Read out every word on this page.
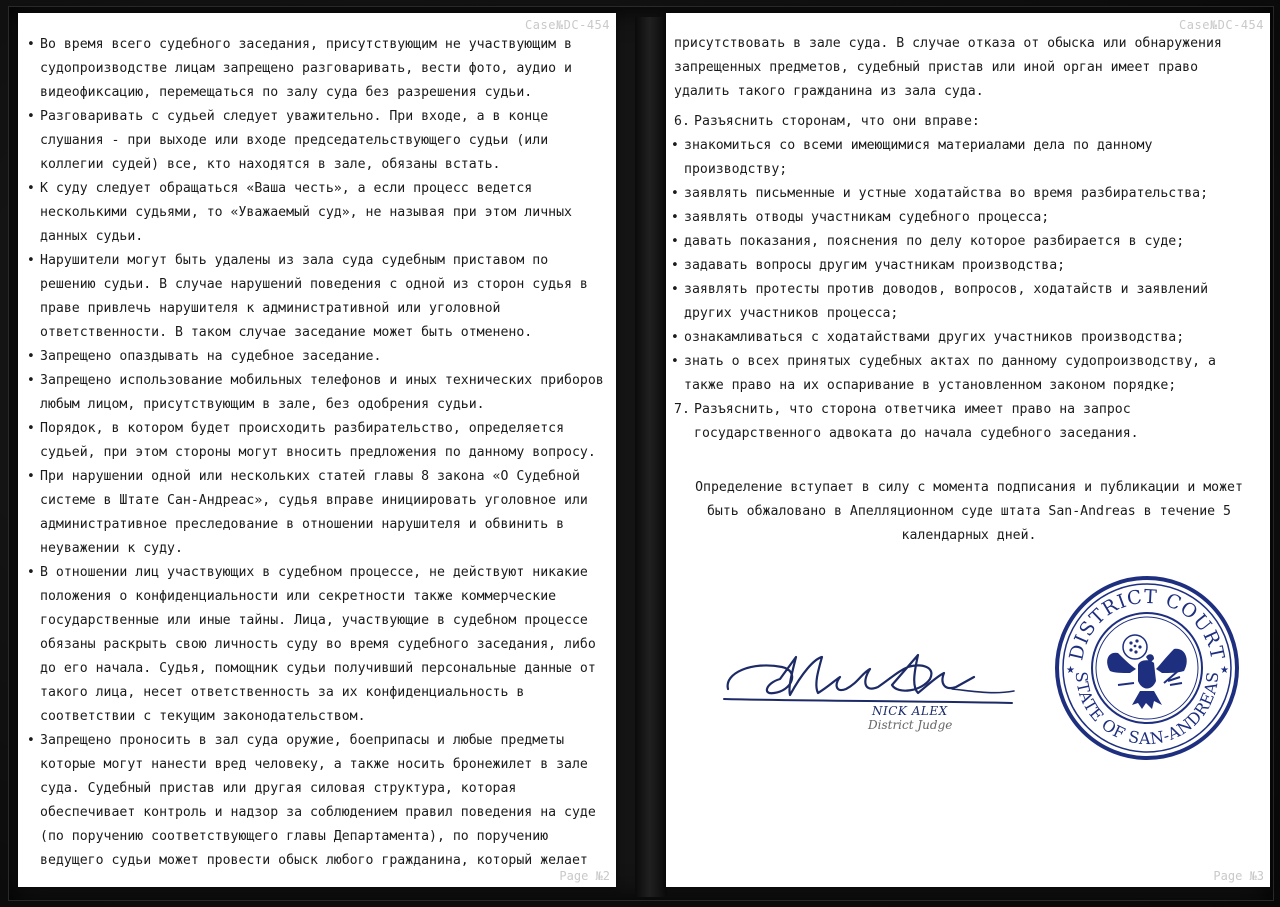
Case№DC-454
• Во время всего судебного заседания, присутствующим не участвующим в судопроизводстве лицам запрещено разговаривать, вести фото, аудио и видеофиксацию, перемещаться по залу суда без разрешения судьи.
• Разговаривать с судьей следует уважительно. При входе, а в конце слушания - при выходе или входе председательствующего судьи (или коллегии судей) все, кто находятся в зале, обязаны встать.
• К суду следует обращаться «Ваша честь», а если процесс ведется несколькими судьями, то «Уважаемый суд», не называя при этом личных данных судьи.
• Нарушители могут быть удалены из зала суда судебным приставом по решению судьи. В случае нарушений поведения с одной из сторон судья в праве привлечь нарушителя к административной или уголовной ответственности. В таком случае заседание может быть отменено.
• Запрещено опаздывать на судебное заседание.
• Запрещено использование мобильных телефонов и иных технических приборов любым лицом, присутствующим в зале, без одобрения судьи.
• Порядок, в котором будет происходить разбирательство, определяется судьей, при этом стороны могут вносить предложения по данному вопросу.
• При нарушении одной или нескольких статей главы 8 закона «О Судебной системе в Штате Сан-Андреас», судья вправе инициировать уголовное или административное преследование в отношении нарушителя и обвинить в неуважении к суду.
• В отношении лиц участвующих в судебном процессе, не действуют никакие положения о конфиденциальности или секретности также коммерческие государственные или иные тайны. Лица, участвующие в судебном процессе обязаны раскрыть свою личность суду во время судебного заседания, либо до его начала. Судья, помощник судьи получивший персональные данные от такого лица, несет ответственность за их конфиденциальность в соответствии с текущим законодательством.
• Запрещено проносить в зал суда оружие, боеприпасы и любые предметы которые могут нанести вред человеку, а также носить бронежилет в зале суда. Судебный пристав или другая силовая структура, которая обеспечивает контроль и надзор за соблюдением правил поведения на суде (по поручению соответствующего главы Департамента), по поручению ведущего судьи может провести обыск любого гражданина, который желает
Page №2
Case№DC-454
присутствовать в зале суда. В случае отказа от обыска или обнаружения запрещенных предметов, судебный пристав или иной орган имеет право удалить такого гражданина из зала суда.
6. Разъяснить сторонам, что они вправе:
• знакомиться со всеми имеющимися материалами дела по данному производству;
• заявлять письменные и устные ходатайства во время разбирательства;
• заявлять отводы участникам судебного процесса;
• давать показания, пояснения по делу которое разбирается в суде;
• задавать вопросы другим участникам производства;
• заявлять протесты против доводов, вопросов, ходатайств и заявлений других участников процесса;
• ознакамливаться с ходатайствами других участников производства;
• знать о всех принятых судебных актах по данному судопроизводству, а также право на их оспаривание в установленном законом порядке;
7. Разъяснить, что сторона ответчика имеет право на запрос государственного адвоката до начала судебного заседания.
Определение вступает в силу с момента подписания и публикации и может быть обжаловано в Апелляционном суде штата San-Andreas в течение 5 календарных дней.
NICK ALEX
District Judge
DISTRICT COURT
STATE OF SAN-ANDREAS
★	★
Page №3
